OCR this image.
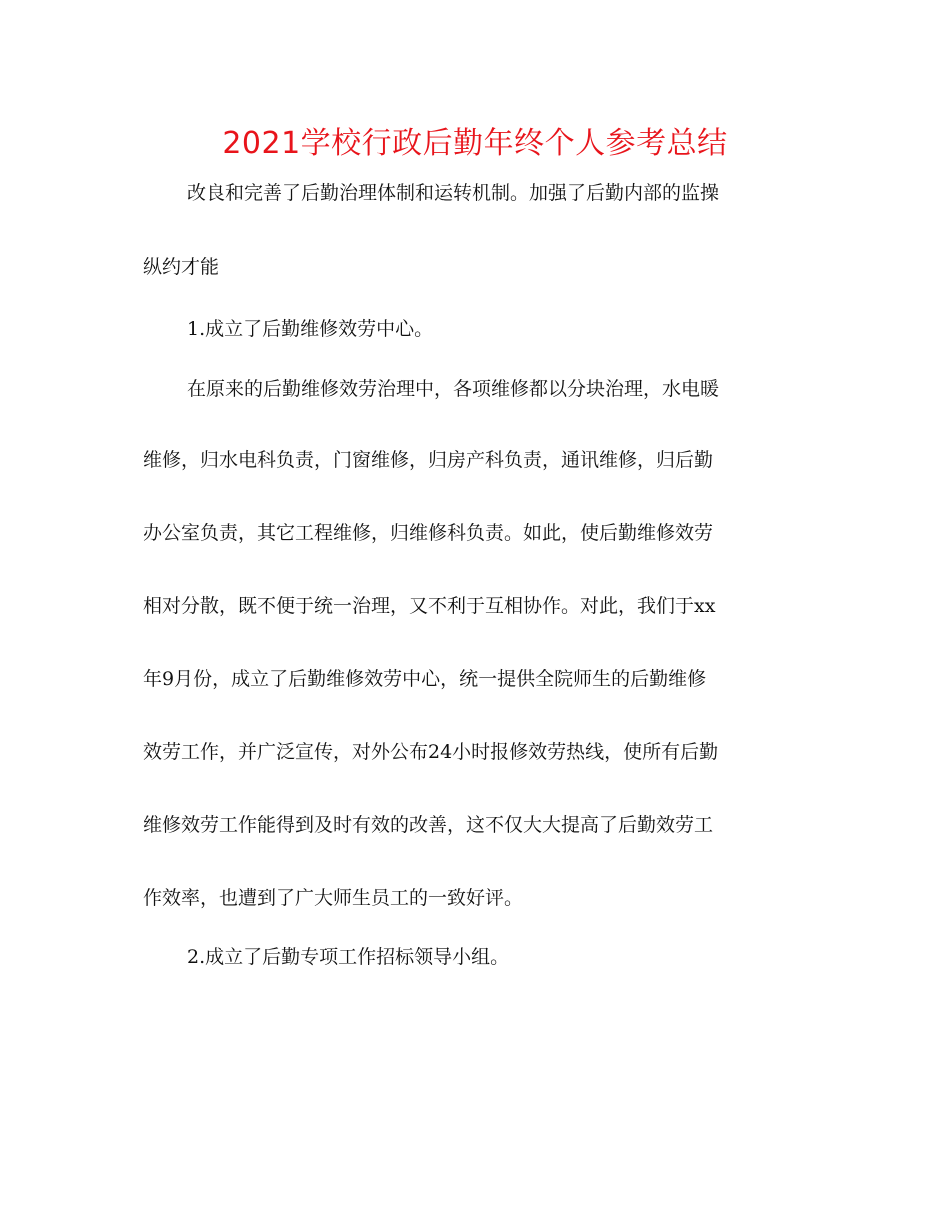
2021学校行政后勤年终个人参考总结
改良和完善了后勤治理体制和运转机制。加强了后勤内部的监操
纵约才能
1.成立了后勤维修效劳中心。
在原来的后勤维修效劳治理中，各项维修都以分块治理，水电暖
维修，归水电科负责，门窗维修，归房产科负责，通讯维修，归后勤
办公室负责，其它工程维修，归维修科负责。如此，使后勤维修效劳
相对分散，既不便于统一治理，又不利于互相协作。对此，我们于xx
年9月份，成立了后勤维修效劳中心，统一提供全院师生的后勤维修
效劳工作，并广泛宣传，对外公布24小时报修效劳热线，使所有后勤
维修效劳工作能得到及时有效的改善，这不仅大大提高了后勤效劳工
作效率，也遭到了广大师生员工的一致好评。
2.成立了后勤专项工作招标领导小组。
